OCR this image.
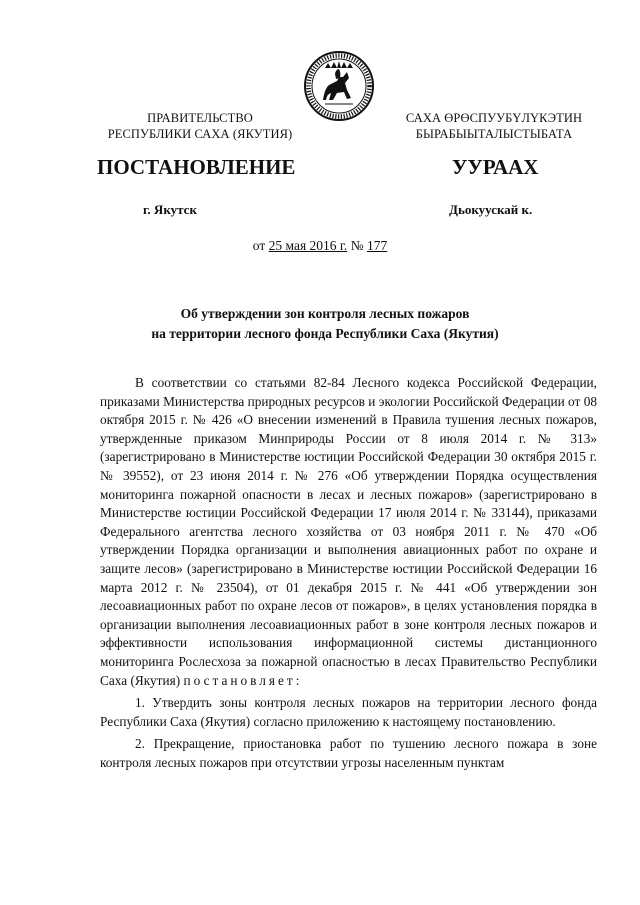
ПРАВИТЕЛЬСТВО
РЕСПУБЛИКИ САХА (ЯКУТИЯ)
САХА ӨРӨСПУУБҮЛҮКЭТИН
БЫРАБЫЫТАЛЫСТЫБАТА
ПОСТАНОВЛЕНИЕ	УУРААХ
г. Якутск	Дьокуускай к.
от 25 мая 2016 г. № 177
Об утверждении зон контроля лесных пожаров
на территории лесного фонда Республики Саха (Якутия)

В соответствии со статьями 82-84 Лесного кодекса Российской Федерации, приказами Министерства природных ресурсов и экологии Российской Федерации от 08 октября 2015 г. № 426 «О внесении изменений в Правила тушения лесных пожаров, утвержденные приказом Минприроды России от 8 июля 2014 г. № 313» (зарегистрировано в Министерстве юстиции Российской Федерации 30 октября 2015 г. № 39552), от 23 июня 2014 г. № 276 «Об утверждении Порядка осуществления мониторинга пожарной опасности в лесах и лесных пожаров» (зарегистрировано в Министерстве юстиции Российской Федерации 17 июля 2014 г. № 33144), приказами Федерального агентства лесного хозяйства от 03 ноября 2011 г. № 470 «Об утверждении Порядка организации и выполнения авиационных работ по охране и защите лесов» (зарегистрировано в Министерстве юстиции Российской Федерации 16 марта 2012 г. № 23504), от 01 декабря 2015 г. № 441 «Об утверждении зон лесоавиационных работ по охране лесов от пожаров», в целях установления порядка в организации выполнения лесоавиационных работ в зоне контроля лесных пожаров и эффективности использования информационной системы дистанционного мониторинга Рослесхоза за пожарной опасностью в лесах Правительство Республики Саха (Якутия) постановляет:

1. Утвердить зоны контроля лесных пожаров на территории лесного фонда Республики Саха (Якутия) согласно приложению к настоящему постановлению.

2. Прекращение, приостановка работ по тушению лесного пожара в зоне контроля лесных пожаров при отсутствии угрозы населенным пунктам
